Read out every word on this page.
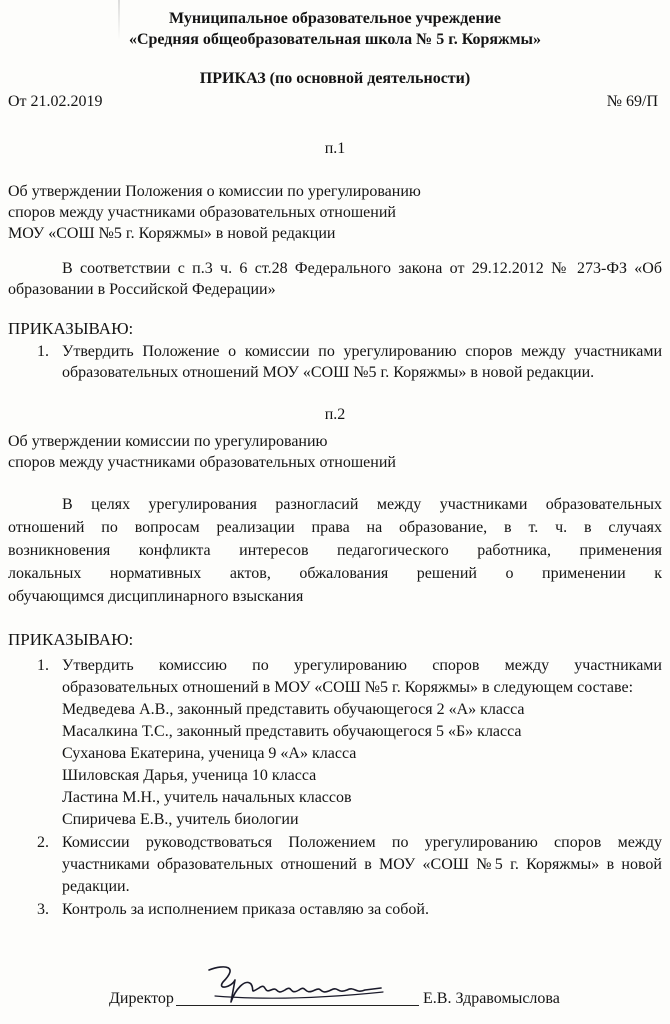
Муниципальное образовательное учреждение
«Средняя общеобразовательная школа № 5 г. Коряжмы»
ПРИКАЗ (по основной деятельности)
От 21.02.2019	№ 69/П
п.1
Об утверждении Положения о комиссии по урегулированию
споров между участниками образовательных отношений
МОУ «СОШ №5 г. Коряжмы» в новой редакции
В соответствии с п.3 ч. 6 ст.28 Федерального закона от 29.12.2012 № 273-ФЗ «Об
образовании в Российской Федерации»
ПРИКАЗЫВАЮ:
1. Утвердить Положение о комиссии по урегулированию споров между участниками
образовательных отношений МОУ «СОШ №5 г. Коряжмы» в новой редакции.
п.2
Об утверждении комиссии по урегулированию
споров между участниками образовательных отношений
В целях урегулирования разногласий между участниками образовательных
отношений по вопросам реализации права на образование, в т. ч. в случаях
возникновения конфликта интересов педагогического работника, применения
локальных нормативных актов, обжалования решений о применении к
обучающимся дисциплинарного взыскания
ПРИКАЗЫВАЮ:
1. Утвердить комиссию по урегулированию споров между участниками
образовательных отношений в МОУ «СОШ №5 г. Коряжмы» в следующем составе:
Медведева А.В., законный представить обучающегося 2 «А» класса
Масалкина Т.С., законный представить обучающегося 5 «Б» класса
Суханова Екатерина, ученица 9 «А» класса
Шиловская Дарья, ученица 10 класса
Ластина М.Н., учитель начальных классов
Спиричева Е.В., учитель биологии
2. Комиссии руководствоваться Положением по урегулированию споров между
участниками образовательных отношений в МОУ «СОШ №5 г. Коряжмы» в новой
редакции.
3. Контроль за исполнением приказа оставляю за собой.
Директор	Е.В. Здравомыслова
